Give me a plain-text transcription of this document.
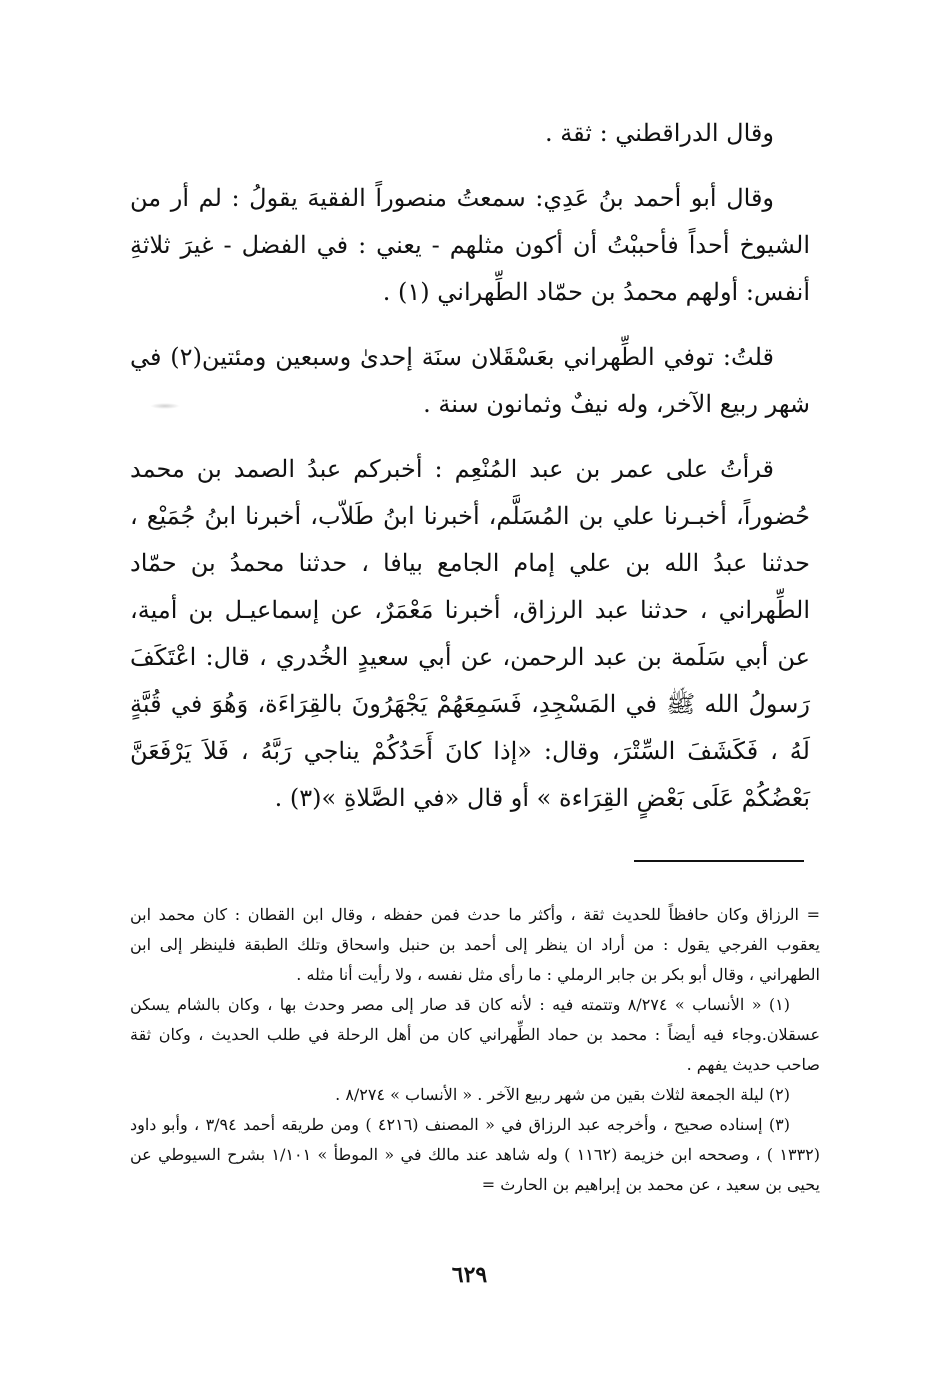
وقال الدراقطني : ثقة .

وقال أبو أحمد بنُ عَدِي: سمعتُ منصوراً الفقيهَ يقولُ : لم أر من الشيوخ أحداً فأحببْتُ أن أكون مثلهم - يعني : في الفضل - غيرَ ثلاثةِ أنفس: أولهم محمدُ بن حمّاد الطِّهراني (١) .

قلتُ: توفي الطِّهراني بعَسْقَلان سنَة إحدىٰ وسبعين ومئتين(٢) في شهر ربيع الآخر، وله نيفٌ وثمانون سنة .

قرأتُ على عمر بن عبد المُنْعِم : أخبركم عبدُ الصمد بن محمد حُضوراً، أخبـرنا علي بن المُسَلَّم، أخبرنا ابنُ طَلاّب، أخبرنا ابنُ جُمَيْع ، حدثنا عبدُ الله بن علي إمام الجامع بيافا ، حدثنا محمدُ بن حمّاد الطِّهراني ، حدثنا عبد الرزاق، أخبرنا مَعْمَرٌ، عن إسماعيـل بن أمية، عن أبي سَلَمة بن عبد الرحمن، عن أبي سعيدٍ الخُدري ، قال: اعْتَكَفَ رَسولُ الله ﷺ في المَسْجِدِ، فَسَمِعَهُمْ يَجْهَرُونَ بالقِرَاءَة، وَهُوَ في قُبَّةٍ لَهُ ، فَكَشَفَ السِّتْرَ، وقال: «إذا كانَ أَحَدُكُمْ يناجي رَبَّهُ ، فَلاَ يَرْفَعَنَّ بَعْضُكُمْ عَلَى بَعْضٍ القِرَاءة » أو قال «في الصَّلاةِ »(٣) .

= الرزاق وكان حافظاً للحديث ثقة ، وأكثر ما حدث فمن حفظه ، وقال ابن القطان : كان محمد ابن يعقوب الفرجي يقول : من أراد ان ينظر إلى أحمد بن حنبل واسحاق وتلك الطبقة فلينظر إلى ابن الطهراني ، وقال أبو بكر بن جابر الرملي : ما رأى مثل نفسه ، ولا رأيت أنا مثله .

(١) « الأنساب » ٨/٢٧٤ وتتمته فيه : لأنه كان قد صار إلى مصر وحدث بها ، وكان بالشام يسكن عسقلان.وجاء فيه أيضاً : محمد بن حماد الطِّهراني كان من أهل الرحلة في طلب الحديث ، وكان ثقة صاحب حديث يفهم .

(٢) ليلة الجمعة لثلاث بقين من شهر ربيع الآخر . « الأنساب » ٨/٢٧٤ .

(٣) إسناده صحيح ، وأخرجه عبد الرزاق في « المصنف (٤٢١٦ ) ومن طريقه أحمد ٣/٩٤ ، وأبو داود (١٣٣٢ ) ، وصححه ابن خزيمة (١١٦٢ ) وله شاهد عند مالك في « الموطأ » ١/١٠١ بشرح السيوطي عن يحيى بن سعيد ، عن محمد بن إبراهيم بن الحارث =

٦٢٩
